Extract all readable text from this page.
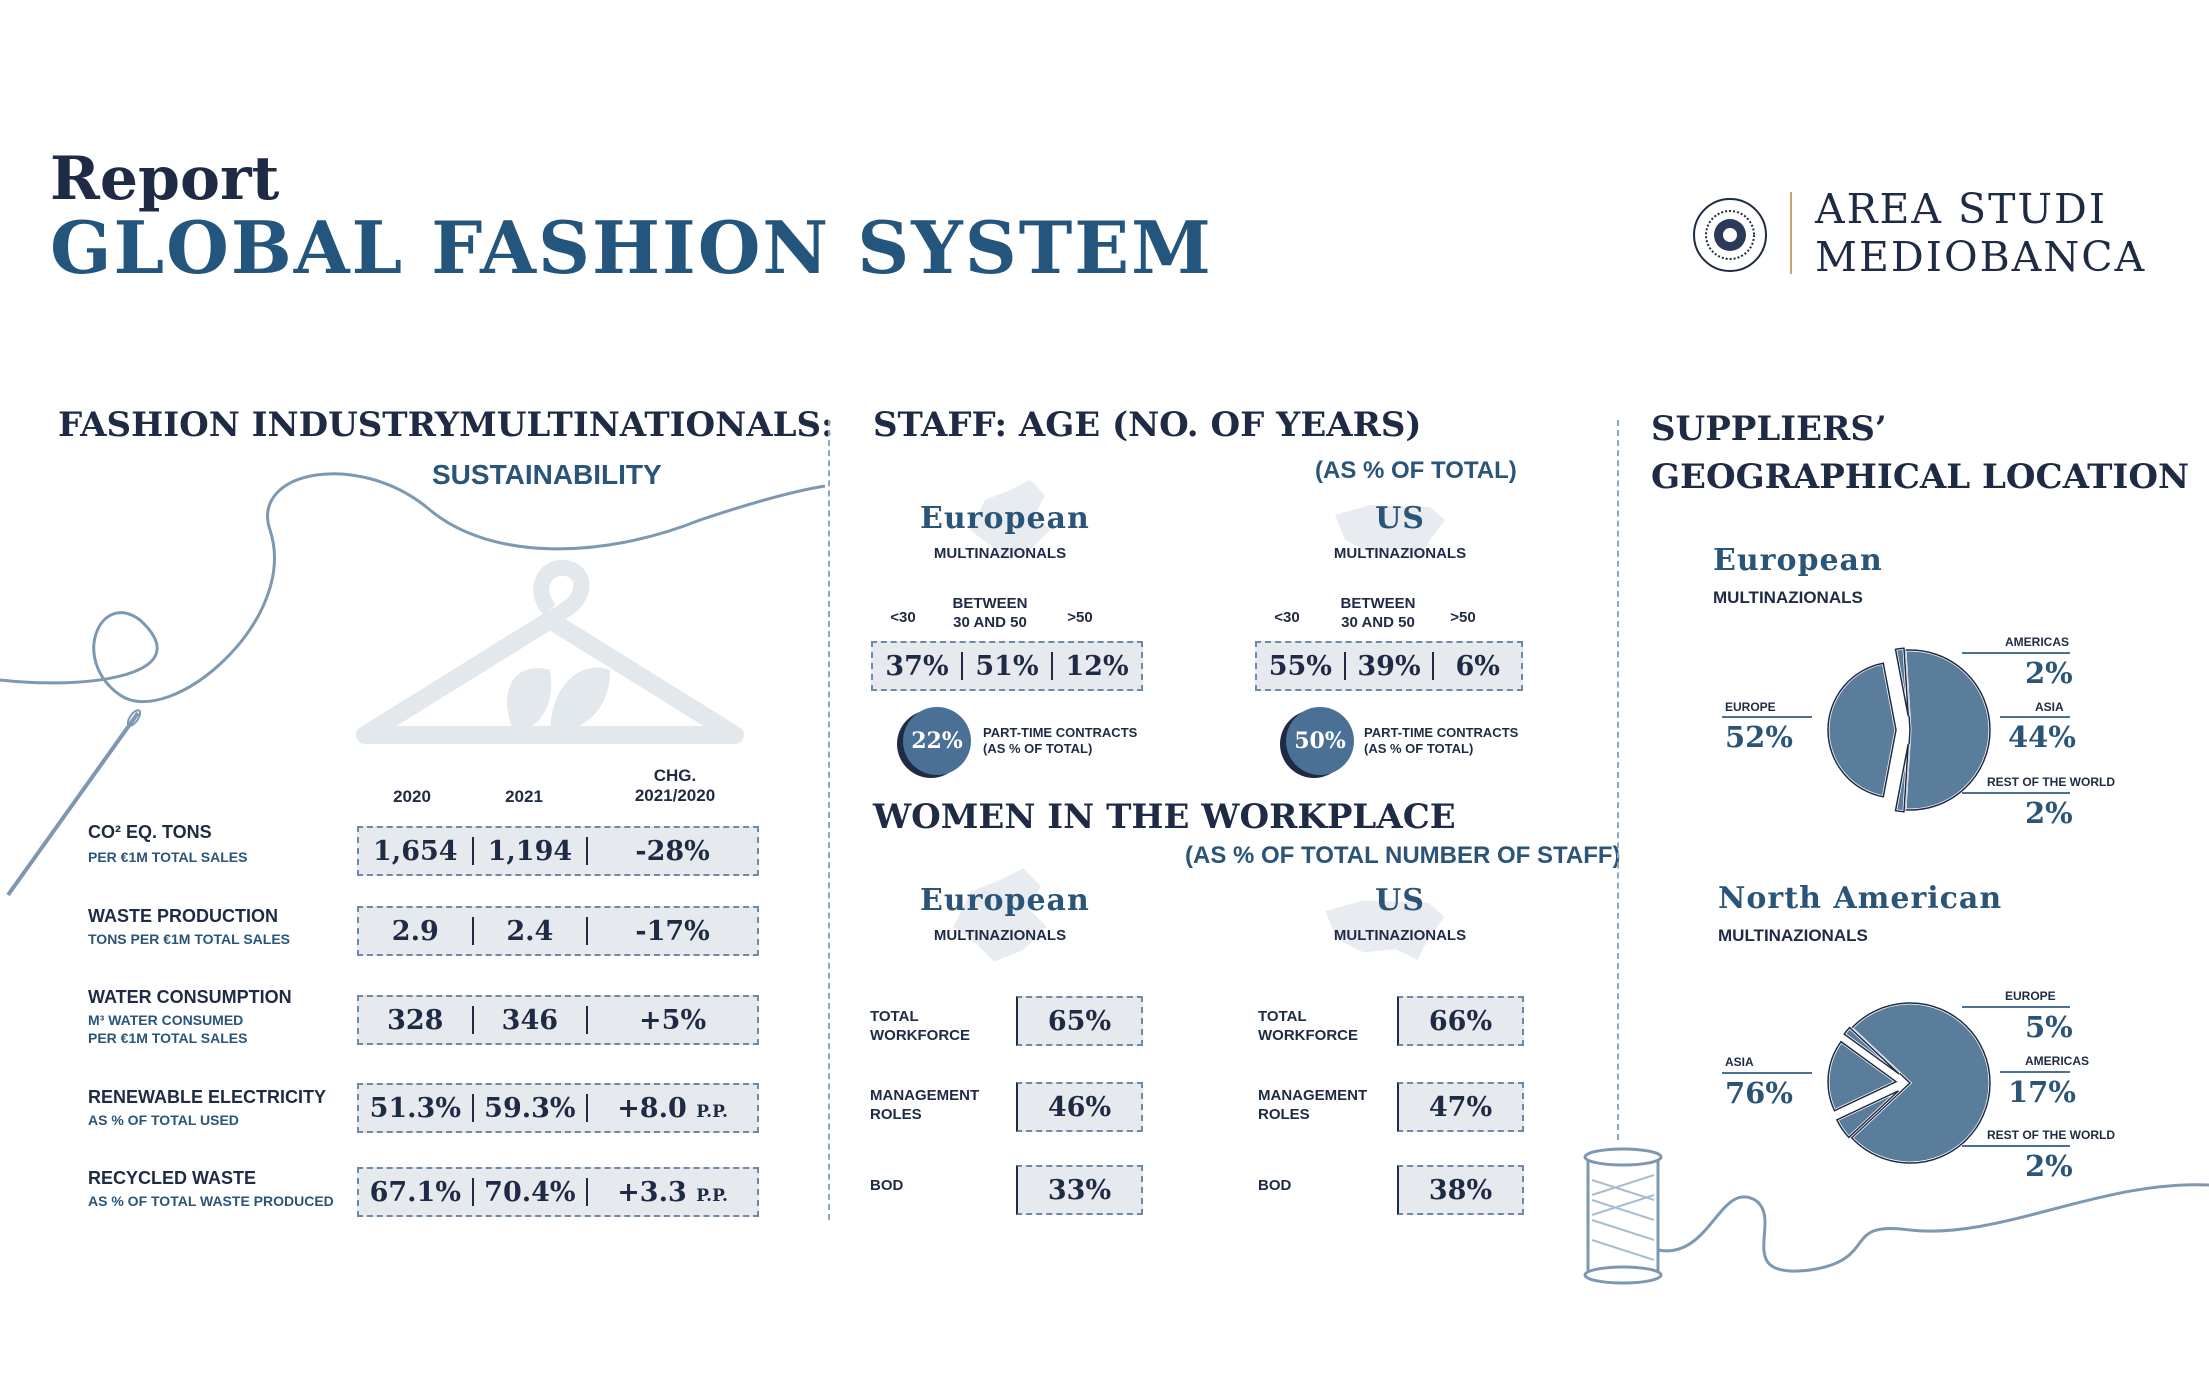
Report
GLOBAL FASHION SYSTEM	AREA STUDI
MEDIOBANCA
FASHION INDUSTRYMULTINATIONALS:
SUSTAINABILITY
2020	2021
CHG.
2021/2020
CO² EQ. TONS
PER €1M TOTAL SALES	1,654	1,194	-28%
WASTE PRODUCTION
TONS PER €1M TOTAL SALES	2.9	2.4	-17%
WATER CONSUMPTION
M³ WATER CONSUMED
PER €1M TOTAL SALES
328	346	+5%
RENEWABLE ELECTRICITY
AS % OF TOTAL USED	51.3% 59.3%	+8.0 P.P.
RECYCLED WASTE
AS % OF TOTAL WASTE PRODUCED	67.1% 70.4%	+3.3 P.P.
STAFF: AGE (NO. OF YEARS)
(AS % OF TOTAL)
European
MULTINAZIONALS
<30
BETWEEN
30 AND 50	>50
37% 51% 12%
22%	PART-TIME CONTRACTS
(AS % OF TOTAL)
US
MULTINAZIONALS
<30
BETWEEN
30 AND 50	>50
55% 39%	6%
50%	PART-TIME CONTRACTS
(AS % OF TOTAL)
WOMEN IN THE WORKPLACE
(AS % OF TOTAL NUMBER OF STAFF)
European
MULTINAZIONALS
US
MULTINAZIONALS
TOTAL
WORKFORCE	65%
MANAGEMENT
ROLES	46%
BOD	33%
TOTAL
WORKFORCE	66%
MANAGEMENT
ROLES	47%
BOD	38%
SUPPLIERS’
GEOGRAPHICAL LOCATION
European
MULTINAZIONALS
EUROPE
52%
AMERICAS
2%
ASIA
44%
REST OF THE WORLD
2%
North American
MULTINAZIONALS
ASIA
76%
EUROPE
5%
AMERICAS
17%
REST OF THE WORLD
2%
